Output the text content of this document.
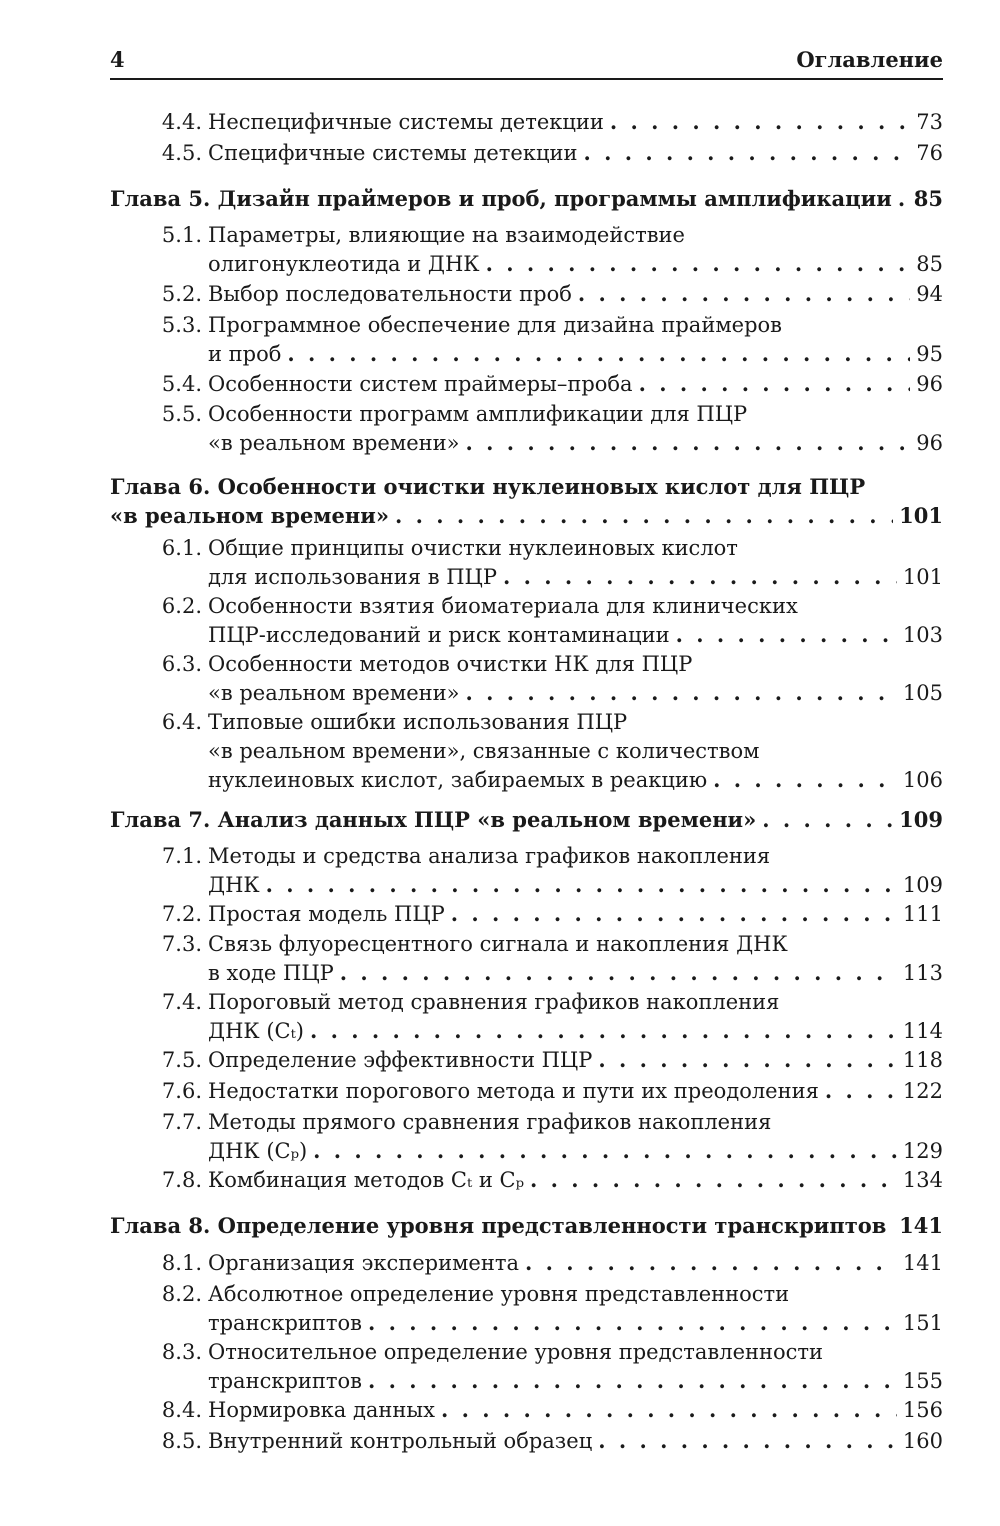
4	Оглавление
4.4. Неспецифичные системы детекции . . .	73
4.5. Специфичные системы детекции . . .	76
Глава 5. Дизайн праймеров и проб, программы амплификации . . . 85
5.1. Параметры, влияющие на взаимодействие
олигонуклеотида и ДНК . . .	85
5.2. Выбор последовательности проб . . .	94
5.3. Программное обеспечение для дизайна праймеров
и проб . . .	95
5.4. Особенности систем праймеры–проба . . .	96
5.5. Особенности программ амплификации для ПЦР
«в реальном времени» . . .	96
Глава 6. Особенности очистки нуклеиновых кислот для ПЦР
«в реальном времени» . . .	101
6.1. Общие принципы очистки нуклеиновых кислот
для использования в ПЦР . . .	101
6.2. Особенности взятия биоматериала для клинических
ПЦР-исследований и риск контаминации . . .	103
6.3. Особенности методов очистки НК для ПЦР
«в реальном времени» . . .	105
6.4. Типовые ошибки использования ПЦР
«в реальном времени», связанные с количеством
нуклеиновых кислот, забираемых в реакцию . . .	106
Глава 7. Анализ данных ПЦР «в реальном времени» . . .	109
7.1. Методы и средства анализа графиков накопления
ДНК . . .	109
7.2. Простая модель ПЦР . . .	111
7.3. Связь флуоресцентного сигнала и накопления ДНК
в ходе ПЦР . . .	113
7.4. Пороговый метод сравнения графиков накопления
ДНК (Cₜ) . . .	114
7.5. Определение эффективности ПЦР . . .	118
7.6. Недостатки порогового метода и пути их преодоления . . .	122
7.7. Методы прямого сравнения графиков накопления
ДНК (Cₚ) . . .	129
7.8. Комбинация методов Cₜ и Cₚ . . .	134
Глава 8. Определение уровня представленности транскриптов . . . 141
8.1. Организация эксперимента . . .	141
8.2. Абсолютное определение уровня представленности
транскриптов . . .	151
8.3. Относительное определение уровня представленности
транскриптов . . .	155
8.4. Нормировка данных . . .	156
8.5. Внутренний контрольный образец . . .	160
